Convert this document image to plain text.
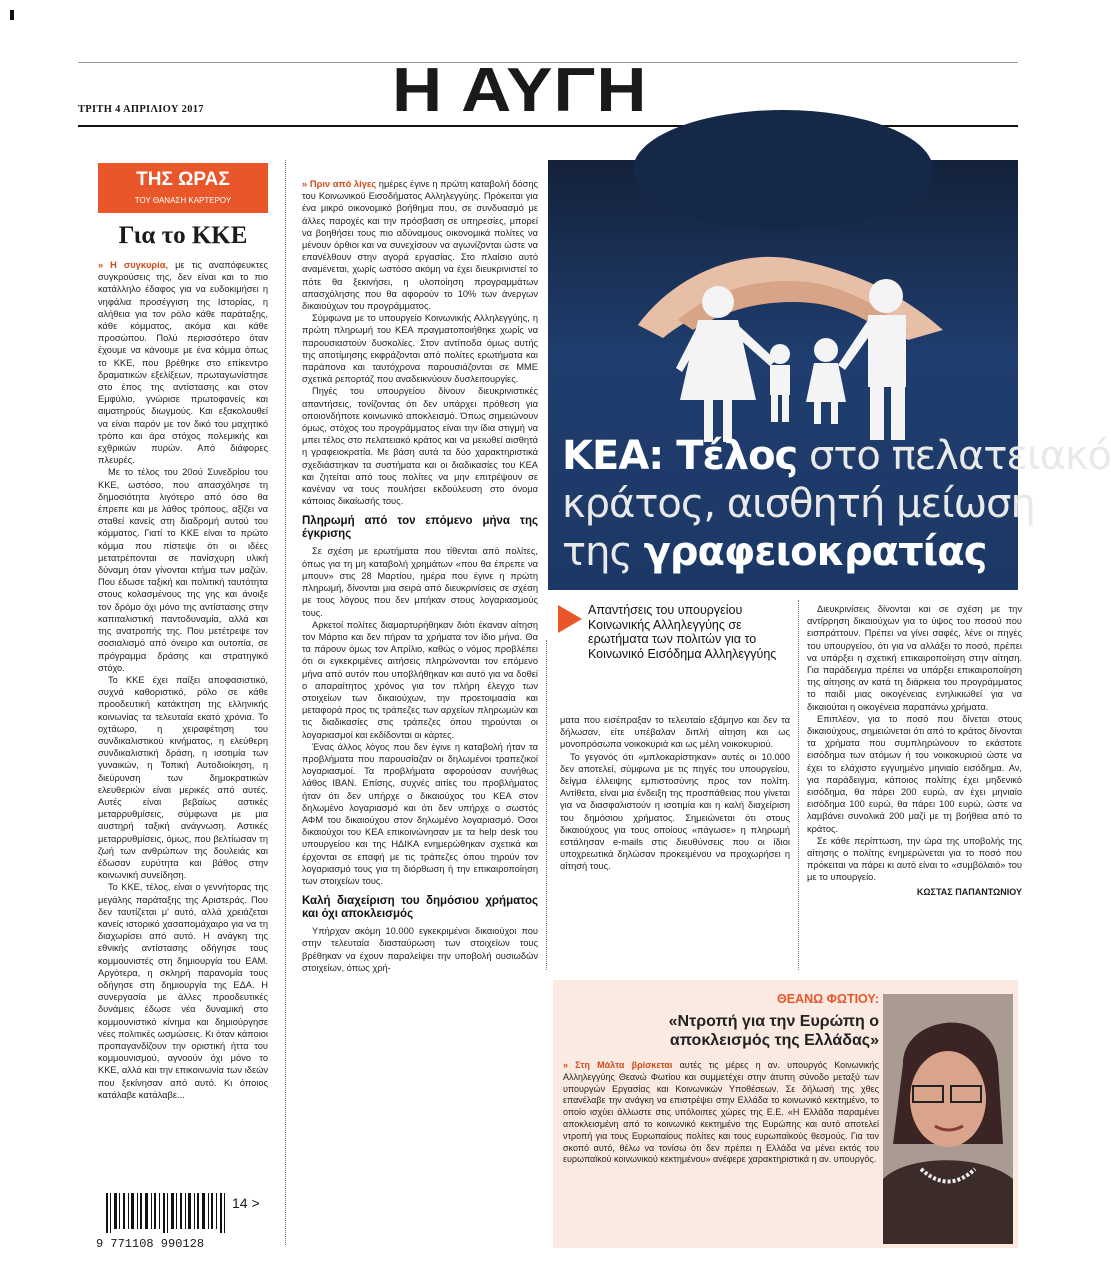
ΤΡΙΤΗ 4 ΑΠΡΙΛΙΟΥ 2017	Η ΑΥΓΗ
ΤΗΣ ΩΡΑΣ
ΤΟΥ ΘΑΝΑΣΗ ΚΑΡΤΕΡΟΥ
Για το ΚΚΕ

» Η συγκυρία, με τις αναπόφευκτες συγκρούσεις της, δεν είναι και το πιο κατάλληλο έδαφος για να ευδοκιμήσει η νηφάλια προσέγγιση της Ιστορίας, η αλήθεια για τον ρόλο κάθε παράταξης, κάθε κόμματος, ακόμα και κάθε προσώπου. Πολύ περισσότερο όταν έχουμε να κάνουμε με ένα κόμμα όπως το ΚΚΕ, που βρέθηκε στο επίκεντρο δραματικών εξελίξεων, πρωταγωνίστησε στο έπος της αντίστασης και στον Εμφύλιο, γνώρισε πρωτοφανείς και αιματηρούς διωγμούς. Και εξακολουθεί να είναι παρόν με τον δικό του μαχητικό τρόπο και άρα στόχος πολεμικής και εχθρικών πυρών. Από διάφορες πλευρές.

Με το τέλος του 20ού Συνεδρίου του ΚΚΕ, ωστόσο, που απασχόλησε τη δημοσιότητα λιγότερο από όσο θα έπρεπε και με λάθος τρόπους, αξίζει να σταθεί κανείς στη διαδρομή αυτού του κόμματος. Γιατί το ΚΚΕ είναι το πρώτο κόμμα που πίστεψε ότι οι ιδέες μετατρέπονται σε πανίσχυρη υλική δύναμη όταν γίνονται κτήμα των μαζών. Που έδωσε ταξική και πολιτική ταυτότητα στους κολασμένους της γης και άνοιξε τον δρόμο όχι μόνο της αντίστασης στην καπιταλιστική παντοδυναμία, αλλά και της ανατροπής της. Που μετέτρεψε τον σοσιαλισμό από όνειρο και ουτοπία, σε πρόγραμμα δράσης και στρατηγικό στόχο.

Το ΚΚΕ έχει παίξει αποφασιστικό, συχνά καθοριστικό, ρόλο σε κάθε προοδευτική κατάκτηση της ελληνικής κοινωνίας τα τελευταία εκατό χρόνια. Το οχτάωρο, η χειραφέτηση του συνδικαλιστικού κινήματος, η ελεύθερη συνδικαλιστική δράση, η ισοτιμία των γυναικών, η Τοπική Αυτοδιοίκηση, η διεύρυνση των δημοκρατικών ελευθεριών είναι μερικές από αυτές. Αυτές είναι βεβαίως αστικές μεταρρυθμίσεις, σύμφωνα με μια αυστηρή ταξική ανάγνωση. Αστικές μεταρρυθμίσεις, όμως, που βελτίωσαν τη ζωή των ανθρώπων της δουλειάς και έδωσαν ευρύτητα και βάθος στην κοινωνική συνείδηση.

Το ΚΚΕ, τέλος, είναι ο γεννήτορας της μεγάλης παράταξης της Αριστεράς. Που δεν ταυτίζεται μ' αυτό, αλλά χρειάζεται κανείς ιστορικό χασαπομάχαιρο για να τη διαχωρίσει από αυτό. Η ανάγκη της εθνικής αντίστασης οδήγησε τους κομμουνιστές στη δημιουργία του ΕΑΜ. Αργότερα, η σκληρή παρανομία τους οδήγησε στη δημιουργία της ΕΔΑ. Η συνεργασία με άλλες προοδευτικές δυνάμεις έδωσε νέα δυναμική στο κομμουνιστικό κίνημα και δημιούργησε νέες πολιτικές ωσμώσεις. Κι όταν κάποιοι προπαγανδίζουν την οριστική ήττα του κομμουνισμού, αγνοούν όχι μόνο το ΚΚΕ, αλλά και την επικοινωνία των ιδεών που ξεκίνησαν από αυτό. Κι όποιος κατάλαβε κατάλαβε...

9 771108 990128
14 >

» Πριν από λίγες ημέρες έγινε η πρώτη καταβολή δόσης του Κοινωνικού Εισοδήματος Αλληλεγγύης. Πρόκειται για ένα μικρό οικονομικό βοήθημα που, σε συνδυασμό με άλλες παροχές και την πρόσβαση σε υπηρεσίες, μπορεί να βοηθήσει τους πιο αδύναμους οικονομικά πολίτες να μένουν όρθιοι και να συνεχίσουν να αγωνίζονται ώστε να επανέλθουν στην αγορά εργασίας. Στο πλαίσιο αυτό αναμένεται, χωρίς ωστόσο ακόμη να έχει διευκρινιστεί το πότε θα ξεκινήσει, η υλοποίηση προγραμμάτων απασχόλησης που θα αφορούν το 10% των άνεργων δικαιούχων του προγράμματος.

Σύμφωνα με το υπουργείο Κοινωνικής Αλληλεγγύης, η πρώτη πληρωμή του ΚΕΑ πραγματοποιήθηκε χωρίς να παρουσιαστούν δυσκολίες. Στον αντίποδα όμως αυτής της αποτίμησης εκφράζονται από πολίτες ερωτήματα και παράπονα και ταυτόχρονα παρουσιάζονται σε ΜΜΕ σχετικά ρεπορτάζ που αναδεικνύουν δυσλειτουργίες.

Πηγές του υπουργείου δίνουν διευκρινιστικές απαντήσεις, τονίζοντας ότι δεν υπάρχει πρόθεση για οποιονδήποτε κοινωνικό αποκλεισμό. Όπως σημειώνουν όμως, στόχος του προγράμματος είναι την ίδια στιγμή να μπει τέλος στο πελατειακό κράτος και να μειωθεί αισθητά η γραφειοκρατία. Με βάση αυτά τα δύο χαρακτηριστικά σχεδιάστηκαν τα συστήματα και οι διαδικασίες του ΚΕΑ και ζητείται από τους πολίτες να μην επιτρέψουν σε κανέναν να τους πουλήσει εκδούλευση στο όνομα κάποιας δικαίωσής τους.

Πληρωμή από τον επόμενο μήνα της έγκρισης

Σε σχέση με ερωτήματα που τίθενται από πολίτες, όπως για τη μη καταβολή χρημάτων «που θα έπρεπε να μπουν» στις 28 Μαρτίου, ημέρα που έγινε η πρώτη πληρωμή, δίνονται μια σειρά από διευκρινίσεις σε σχέση με τους λόγους που δεν μπήκαν στους λογαριασμούς τους.

Αρκετοί πολίτες διαμαρτυρήθηκαν διότι έκαναν αίτηση τον Μάρτιο και δεν πήραν τα χρήματα τον ίδιο μήνα. Θα τα πάρουν όμως τον Απρίλιο, καθώς ο νόμος προβλέπει ότι οι εγκεκριμένες αιτήσεις πληρώνονται τον επόμενο μήνα από αυτόν που υποβλήθηκαν και αυτό για να δοθεί ο απαραίτητος χρόνος για τον πλήρη έλεγχο των στοιχείων των δικαιούχων, την προετοιμασία και μεταφορά προς τις τράπεζες των αρχείων πληρωμών και τις διαδικασίες στις τράπεζες όπου τηρούνται οι λογαριασμοί και εκδίδονται οι κάρτες.

Ένας άλλος λόγος που δεν έγινε η καταβολή ήταν τα προβλήματα που παρουσίαζαν οι δηλωμένοι τραπεζικοί λογαριασμοί. Τα προβλήματα αφορούσαν συνήθως λάθος IBAN. Επίσης, συχνές αιτίες του προβλήματος ήταν ότι δεν υπήρχε ο δικαιούχος του ΚΕΑ στον δηλωμένο λογαριασμό και ότι δεν υπήρχε ο σωστός ΑΦΜ του δικαιούχου στον δηλωμένο λογαριασμό. Όσοι δικαιούχοι του ΚΕΑ επικοινώνησαν με τα help desk του υπουργείου και της ΗΔΙΚΑ ενημερώθηκαν σχετικά και έρχονται σε επαφή με τις τράπεζες όπου τηρούν τον λογαριασμό τους για τη διόρθωση ή την επικαιροποίηση των στοιχείων τους.

Καλή διαχείριση του δημόσιου χρήματος και όχι αποκλεισμός

Υπήρχαν ακόμη 10.000 εγκεκριμένοι δικαιούχοι που στην τελευταία διασταύρωση των στοιχείων τους βρέθηκαν να έχουν παραλείψει την υποβολή ουσιωδών στοιχείων, όπως χρή-

ΚΕΑ: Τέλος στο πελατειακό
κράτος, αισθητή μείωση
της γραφειοκρατίας
Απαντήσεις του υπουργείου Κοινωνικής Αλληλεγγύης σε ερωτήματα των πολιτών για το Κοινωνικό Εισόδημα Αλληλεγγύης

ματα που εισέπραξαν το τελευταίο εξάμηνο και δεν τα δήλωσαν, είτε υπέβαλαν διπλή αίτηση και ως μονοπρόσωπα νοικοκυριά και ως μέλη νοικοκυριού.

Το γεγονός ότι «μπλοκαρίστηκαν» αυτές οι 10.000 δεν αποτελεί, σύμφωνα με τις πηγές του υπουργείου, δείγμα έλλειψης εμπιστοσύνης προς τον πολίτη. Αντίθετα, είναι μια ένδειξη της προσπάθειας που γίνεται για να διασφαλιστούν η ισοτιμία και η καλή διαχείριση του δημόσιου χρήματος. Σημειώνεται ότι στους δικαιούχους για τους οποίους «πάγωσε» η πληρωμή εστάλησαν e-mails στις διευθύνσεις που οι ίδιοι υποχρεωτικά δηλώσαν προκειμένου να προχωρήσει η αίτησή τους.

Διευκρινίσεις δίνονται και σε σχέση με την αντίρρηση δικαιούχων για το ύψος του ποσού που εισπράττουν. Πρέπει να γίνει σαφές, λένε οι πηγές του υπουργείου, ότι για να αλλάξει το ποσό, πρέπει να υπάρξει η σχετική επικαιροποίηση στην αίτηση. Για παράδειγμα πρέπει να υπάρξει επικαιροποίηση της αίτησης αν κατά τη διάρκεια του προγράμματος το παιδί μιας οικογένειας ενηλικιωθεί για να δικαιούται η οικογένεια παραπάνω χρήματα.

Επιπλέον, για το ποσό που δίνεται στους δικαιούχους, σημειώνεται ότι από το κράτος δίνονται τα χρήματα που συμπληρώνουν το εκάστοτε εισόδημα των ατόμων ή του νοικοκυριού ώστε να έχει το ελάχιστο εγγυημένο μηνιαίο εισόδημα. Αν, για παράδειγμα, κάποιος πολίτης έχει μηδενικό εισόδημα, θα πάρει 200 ευρώ, αν έχει μηνιαίο εισόδημα 100 ευρώ, θα πάρει 100 ευρώ, ώστε να λαμβάνει συνολικά 200 μαζί με τη βοήθεια από το κράτος.

Σε κάθε περίπτωση, την ώρα της υποβολής της αίτησης ο πολίτης ενημερώνεται για το ποσό που πρόκειται να πάρει κι αυτό είναι το «συμβόλαιό» του με το υπουργείο.

ΚΩΣΤΑΣ ΠΑΠΑΝΤΩΝΙΟΥ
ΘΕΑΝΩ ΦΩΤΙΟΥ:
«Ντροπή για την Ευρώπη ο αποκλεισμός της Ελλάδας»

» Στη Μάλτα βρίσκεται αυτές τις μέρες η αν. υπουργός Κοινωνικής Αλληλεγγύης Θεανώ Φωτίου και συμμετέχει στην άτυπη σύνοδο μεταξύ των υπουργών Εργασίας και Κοινωνικών Υποθέσεων. Σε δήλωσή της χθες επανέλαβε την ανάγκη να επιστρέψει στην Ελλάδα το κοινωνικό κεκτημένο, το οποίο ισχύει άλλωστε στις υπόλοιπες χώρες της Ε.Ε. «Η Ελλάδα παραμένει αποκλεισμένη από το κοινωνικό κεκτημένο της Ευρώπης και αυτό αποτελεί ντροπή για τους Ευρωπαίους πολίτες και τους ευρωπαϊκούς θεσμούς. Για τον σκοπό αυτό, θέλω να τονίσω ότι δεν πρέπει η Ελλάδα να μένει εκτός του ευρωπαϊκού κοινωνικού κεκτημένου» ανέφερε χαρακτηριστικά η αν. υπουργός.
